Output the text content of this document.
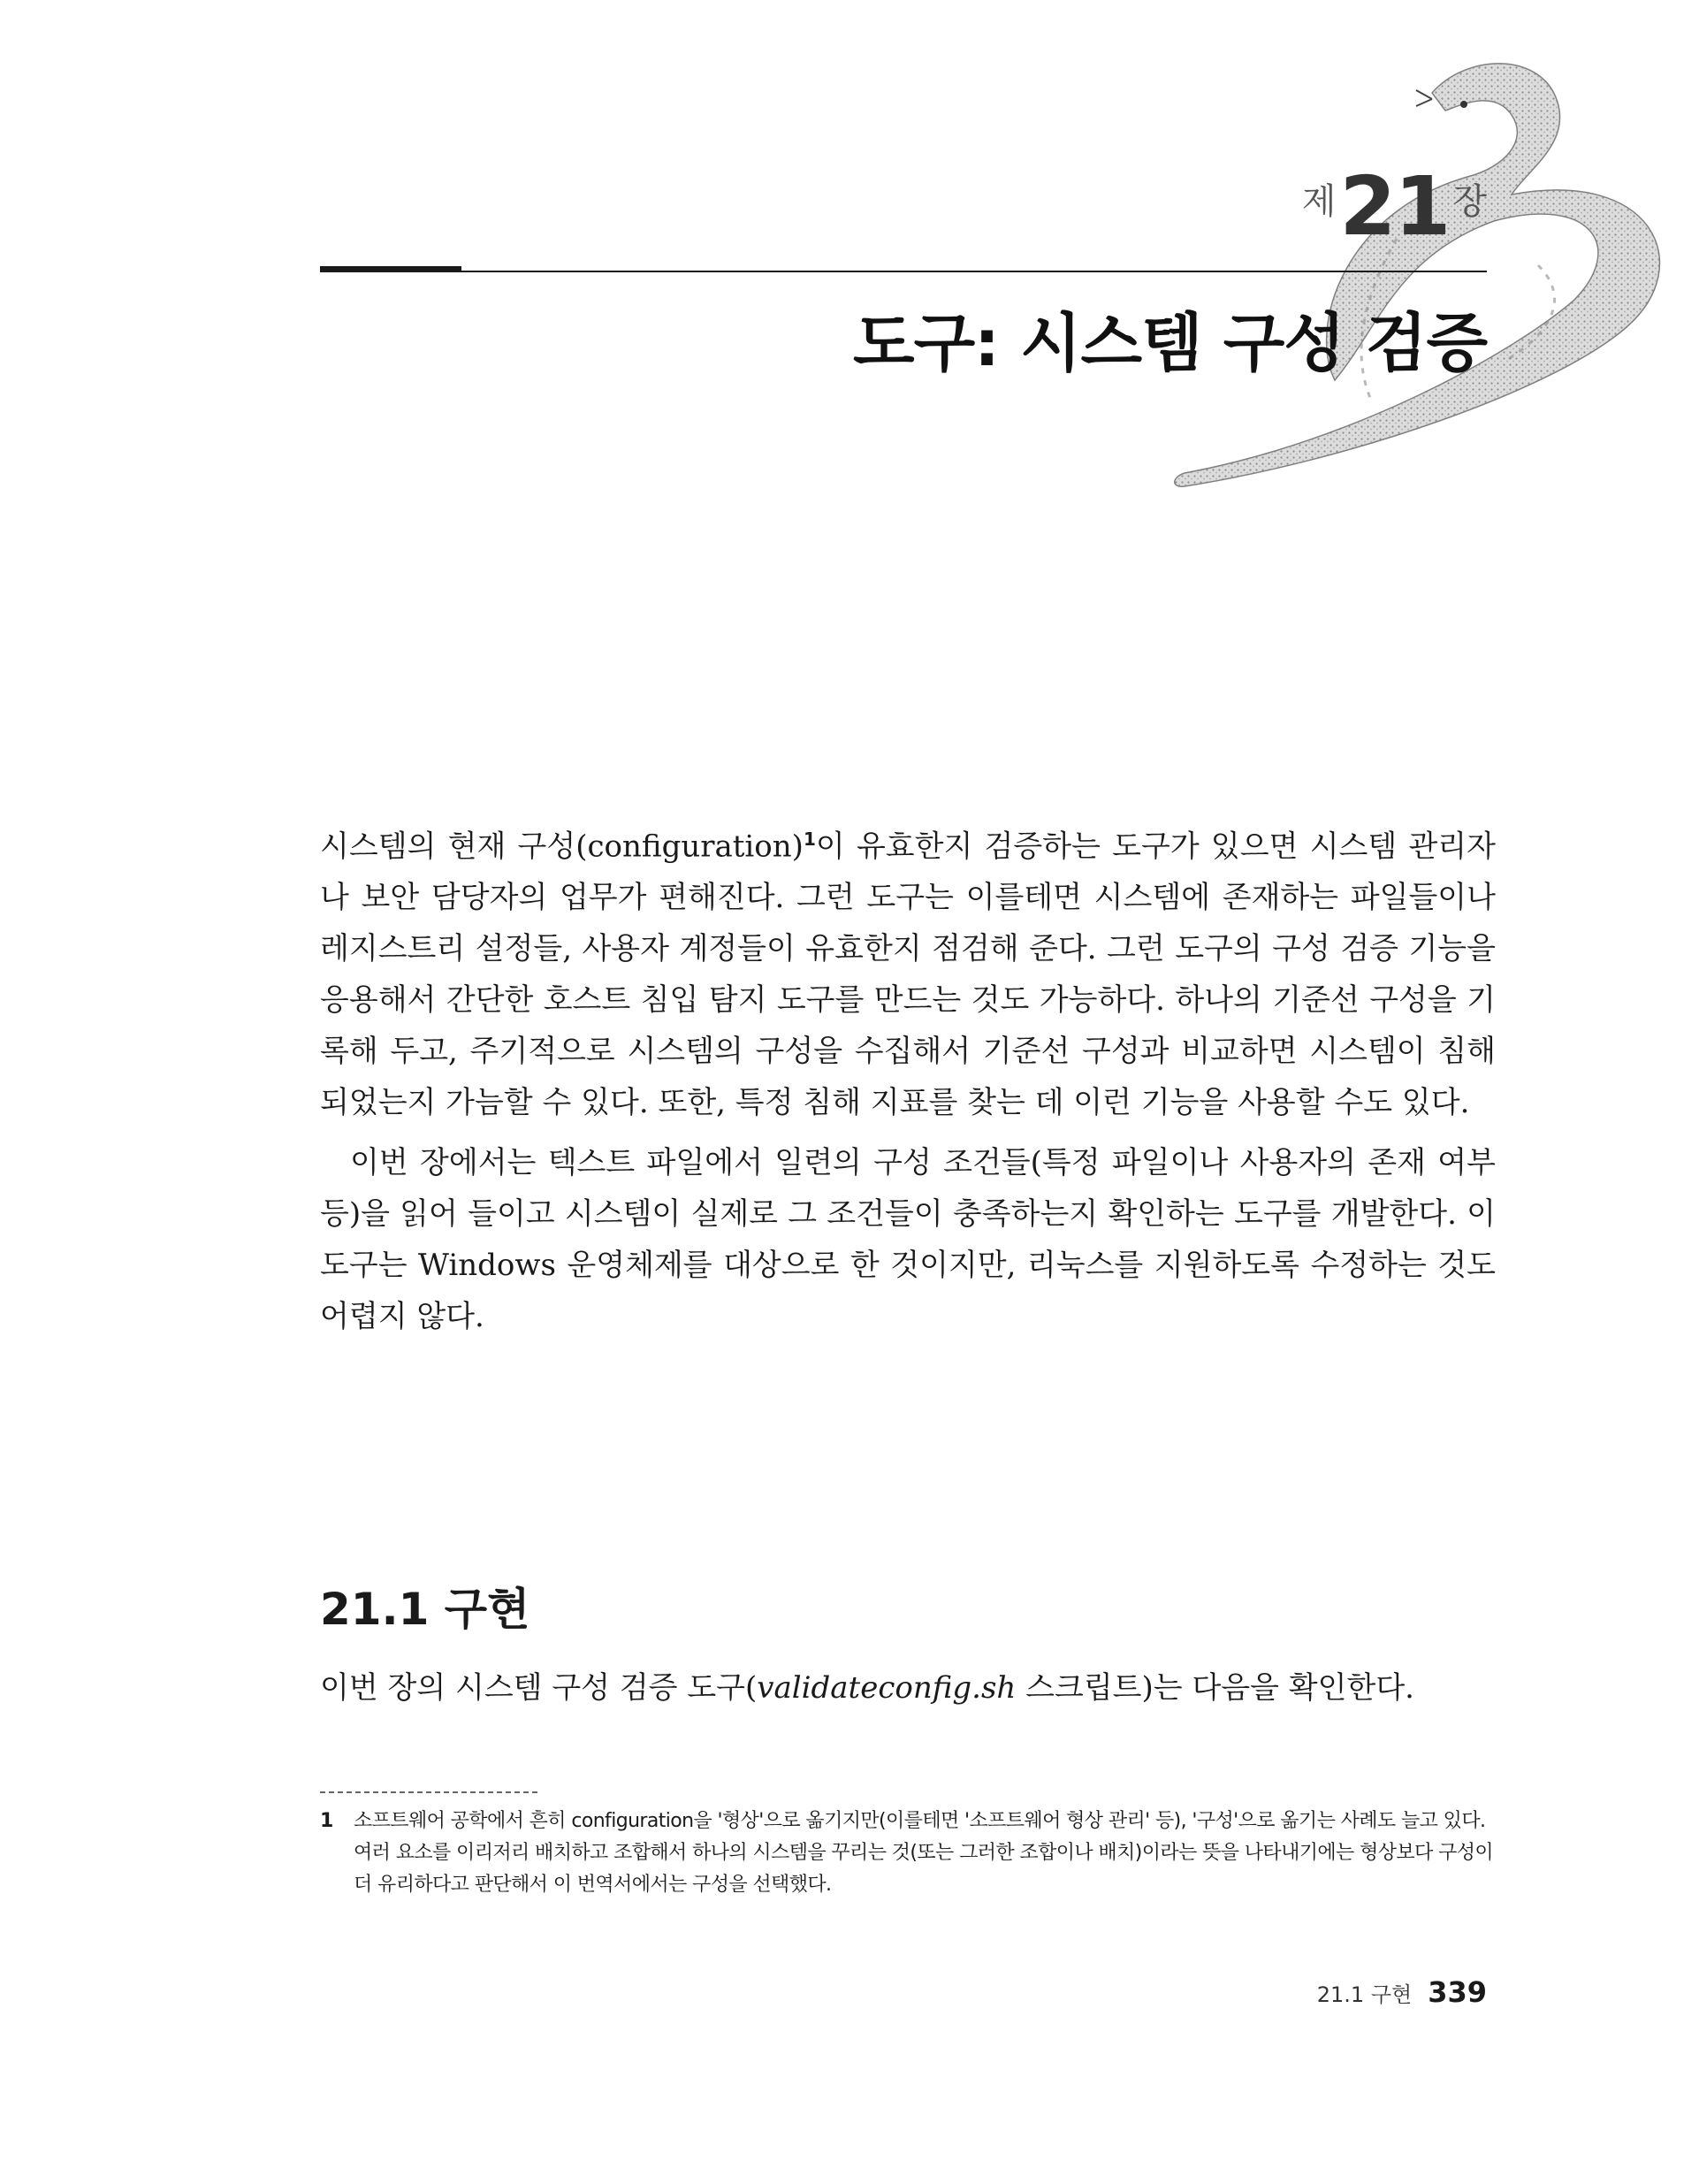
제21 장
도구: 시스템 구성 검증

시스템의 현재 구성(configuration)$^1$이 유효한지 검증하는 도구가 있으면 시스템 관리자나 보안 담당자의 업무가 편해진다. 그런 도구는 이를테면 시스템에 존재하는 파일들이나 레지스트리 설정들, 사용자 계정들이 유효한지 점검해 준다. 그런 도구의 구성 검증 기능을 응용해서 간단한 호스트 침입 탐지 도구를 만드는 것도 가능하다. 하나의 기준선 구성을 기록해 두고, 주기적으로 시스템의 구성을 수집해서 기준선 구성과 비교하면 시스템이 침해되었는지 가늠할 수 있다. 또한, 특정 침해 지표를 찾는 데 이런 기능을 사용할 수도 있다.

이번 장에서는 텍스트 파일에서 일련의 구성 조건들(특정 파일이나 사용자의 존재 여부 등)을 읽어 들이고 시스템이 실제로 그 조건들이 충족하는지 확인하는 도구를 개발한다. 이 도구는 Windows 운영체제를 대상으로 한 것이지만, 리눅스를 지원하도록 수정하는 것도 어렵지 않다.

21.1 구현

이번 장의 시스템 구성 검증 도구(validateconfig.sh 스크립트)는 다음을 확인한다.

1 소프트웨어 공학에서 흔히 configuration을 '형상'으로 옮기지만(이를테면 '소프트웨어 형상 관리' 등), '구성'으로 옮기는 사례도 늘고 있다. 여러 요소를 이리저리 배치하고 조합해서 하나의 시스템을 꾸리는 것(또는 그러한 조합이나 배치)이라는 뜻을 나타내기에는 형상보다 구성이 더 유리하다고 판단해서 이 번역서에서는 구성을 선택했다.
21.1 구현 339
